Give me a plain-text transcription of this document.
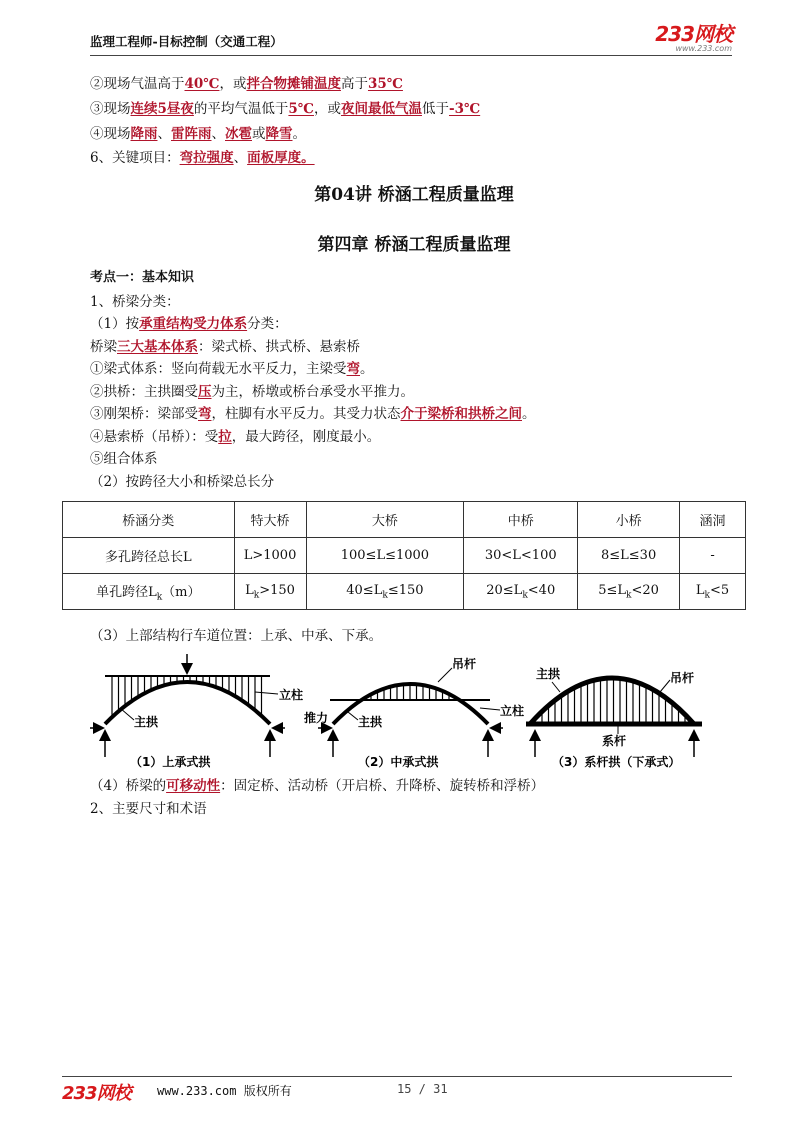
监理工程师-目标控制（交通工程）	233网校
www.233.com
②现场气温高于40℃，或拌合物摊铺温度高于35℃
③现场连续5昼夜的平均气温低于5℃，或夜间最低气温低于-3℃
④现场降雨、雷阵雨、冰雹或降雪。
6、关键项目：弯拉强度、面板厚度。
第04讲 桥涵工程质量监理
第四章 桥涵工程质量监理
考点一：基本知识
1、桥梁分类：
（1）按承重结构受力体系分类：
桥梁三大基本体系：梁式桥、拱式桥、悬索桥
①梁式体系：竖向荷载无水平反力，主梁受弯。
②拱桥：主拱圈受压为主，桥墩或桥台承受水平推力。
③刚架桥：梁部受弯，柱脚有水平反力。其受力状态介于梁桥和拱桥之间。
④悬索桥（吊桥）：受拉，最大跨径，刚度最小。
⑤组合体系
（2）按跨径大小和桥梁总长分
桥涵分类	特大桥	大桥	中桥	小桥	涵洞
多孔跨径总长L	L>1000	100≤L≤1000	30<L<100	8≤L≤30	-
单孔跨径$L_k(m)$	$L_k>150$	$40\le L_k\le 150$	$20\le L_k<40$	$5\le L_k<20$	$L_k<5$
（3）上部结构行车道位置：上承、中承、下承。
立柱
主拱
（1）上承式拱
吊杆
立柱
推力 主拱
（2）中承式拱
主拱	吊杆
系杆
（3）系杆拱（下承式）
（4）桥梁的可移动性：固定桥、活动桥（开启桥、升降桥、旋转桥和浮桥）
2、主要尺寸和术语
233网校 www.233.com 版权所有	15 / 31
